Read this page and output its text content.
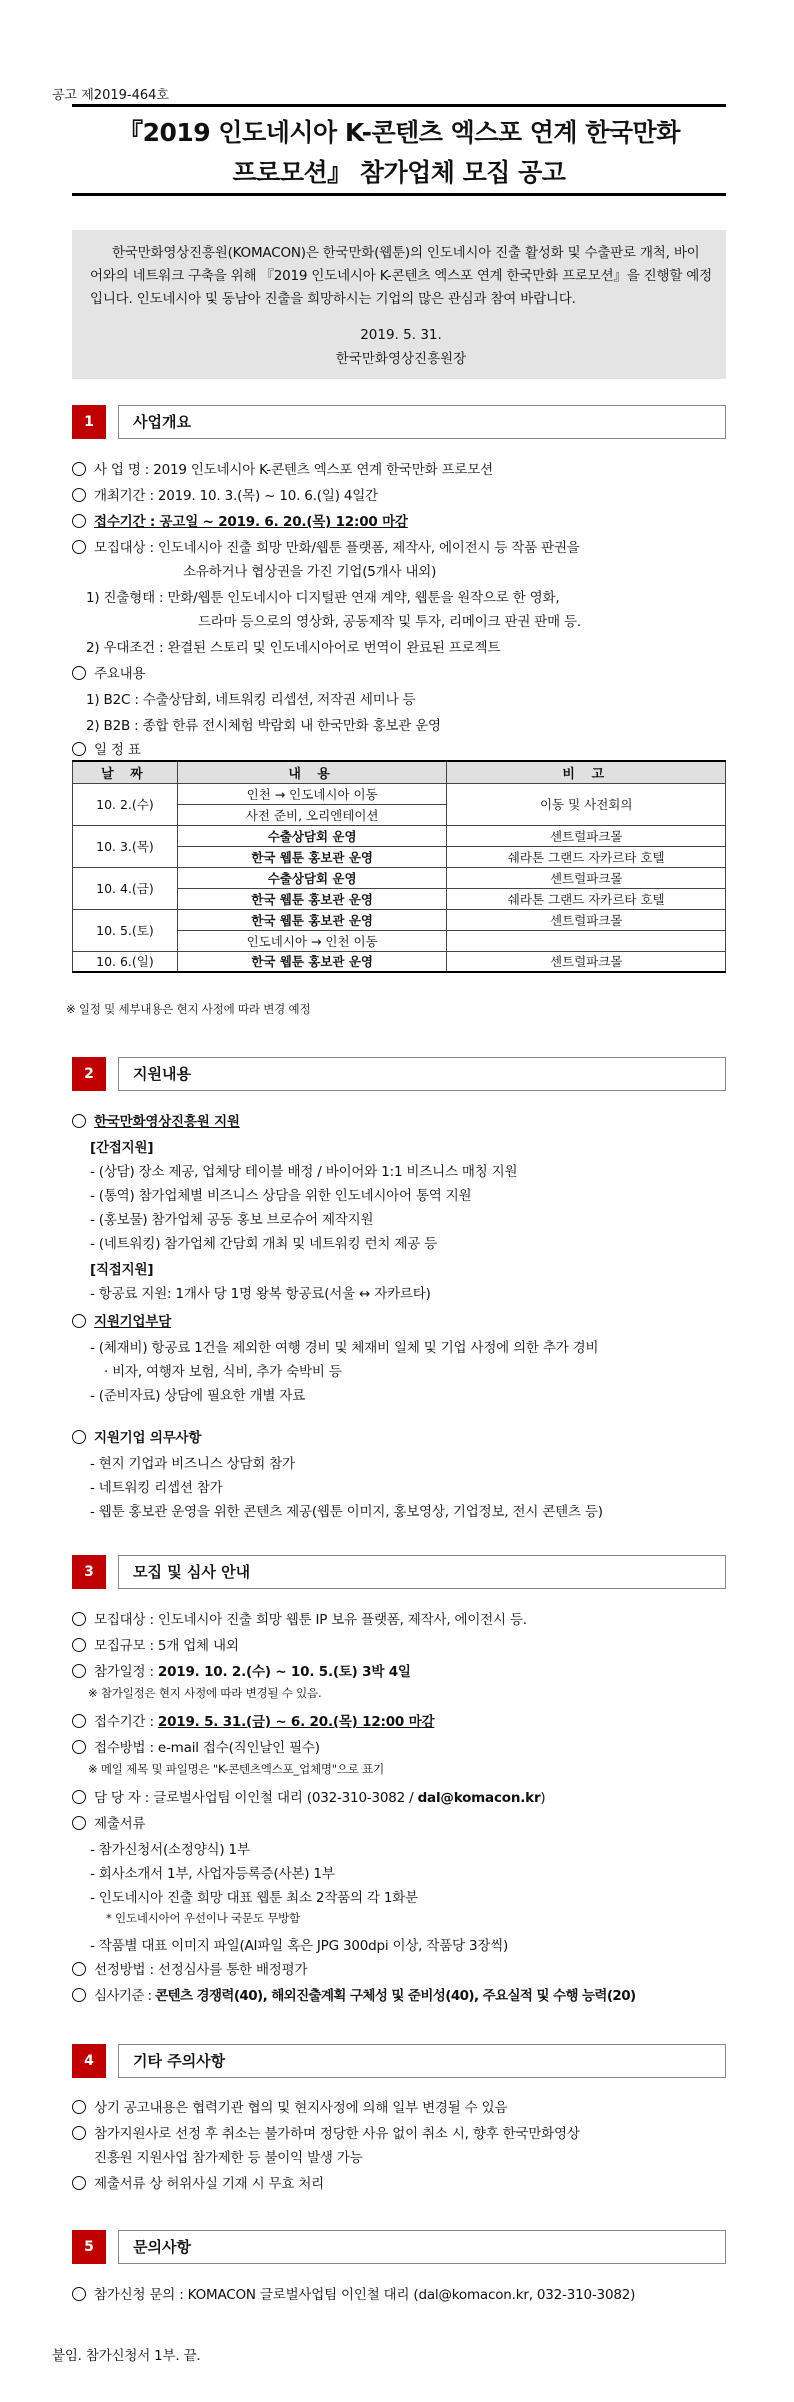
공고 제2019-464호
『2019 인도네시아 K-콘텐츠 엑스포 연계 한국만화
프로모션』 참가업체 모집 공고
한국만화영상진흥원(KOMACON)은 한국만화(웹툰)의 인도네시아 진출 활성화 및 수출판로 개척, 바이어와의 네트워크 구축을 위해 『2019 인도네시아 K-콘텐츠 엑스포 연계 한국만화 프로모션』을 진행할 예정입니다. 인도네시아 및 동남아 진출을 희망하시는 기업의 많은 관심과 참여 바랍니다.
2019. 5. 31.
한국만화영상진흥원장
1	사업개요
사 업 명 : 2019 인도네시아 K-콘텐츠 엑스포 연계 한국만화 프로모션
개최기간 : 2019. 10. 3.(목) ~ 10. 6.(일) 4일간
접수기간 : 공고일 ~ 2019. 6. 20.(목) 12:00 마감
모집대상 : 인도네시아 진출 희망 만화/웹툰 플랫폼, 제작사, 에이전시 등 작품 판권을
소유하거나 협상권을 가진 기업(5개사 내외)
1) 진출형태 : 만화/웹툰 인도네시아 디지털판 연재 계약, 웹툰을 원작으로 한 영화,
드라마 등으로의 영상화, 공동제작 및 투자, 리메이크 판권 판매 등.
2) 우대조건 : 완결된 스토리 및 인도네시아어로 번역이 완료된 프로젝트
주요내용
1) B2C : 수출상담회, 네트워킹 리셉션, 저작권 세미나 등
2) B2B : 종합 한류 전시체험 박람회 내 한국만화 홍보관 운영
일 정 표
날 짜	내 용	비 고
10. 2.(수)	인천 → 인도네시아 이동	이동 및 사전회의
	사전 준비, 오리엔테이션	
10. 3.(목)	수출상담회 운영	센트럴파크몰
	한국 웹툰 홍보관 운영	쉐라톤 그랜드 자카르타 호텔
10. 4.(금)	수출상담회 운영	센트럴파크몰
	한국 웹툰 홍보관 운영	쉐라톤 그랜드 자카르타 호텔
10. 5.(토)	한국 웹툰 홍보관 운영	센트럴파크몰
	인도네시아 → 인천 이동	
10. 6.(일)	한국 웹툰 홍보관 운영	센트럴파크몰
※ 일정 및 세부내용은 현지 사정에 따라 변경 예정
2	지원내용
한국만화영상진흥원 지원
[간접지원]
- (상담) 장소 제공, 업체당 테이블 배정 / 바이어와 1:1 비즈니스 매칭 지원
- (통역) 참가업체별 비즈니스 상담을 위한 인도네시아어 통역 지원
- (홍보물) 참가업체 공동 홍보 브로슈어 제작지원
- (네트워킹) 참가업체 간담회 개최 및 네트워킹 런치 제공 등
[직접지원]
- 항공료 지원: 1개사 당 1명 왕복 항공료(서울 ↔ 자카르타)
지원기업부담
- (체재비) 항공료 1건을 제외한 여행 경비 및 체재비 일체 및 기업 사정에 의한 추가 경비
· 비자, 여행자 보험, 식비, 추가 숙박비 등
- (준비자료) 상담에 필요한 개별 자료
지원기업 의무사항
- 현지 기업과 비즈니스 상담회 참가
- 네트워킹 리셉션 참가
- 웹툰 홍보관 운영을 위한 콘텐츠 제공(웹툰 이미지, 홍보영상, 기업정보, 전시 콘텐츠 등)
3	모집 및 심사 안내
모집대상 : 인도네시아 진출 희망 웹툰 IP 보유 플랫폼, 제작사, 에이전시 등.
모집규모 : 5개 업체 내외
참가일정 : 2019. 10. 2.(수) ~ 10. 5.(토) 3박 4일
※ 참가일정은 현지 사정에 따라 변경될 수 있음.
접수기간 : 2019. 5. 31.(금) ~ 6. 20.(목) 12:00 마감
접수방법 : e-mail 접수(직인날인 필수)
※ 메일 제목 및 파일명은 "K-콘텐츠엑스포_업체명"으로 표기
담 당 자 : 글로벌사업팀 이인철 대리 (032-310-3082 / dal@komacon.kr)
제출서류
- 참가신청서(소정양식) 1부
- 회사소개서 1부, 사업자등록증(사본) 1부
- 인도네시아 진출 희망 대표 웹툰 최소 2작품의 각 1화분
* 인도네시아어 우선이나 국문도 무방함
- 작품별 대표 이미지 파일(AI파일 혹은 JPG 300dpi 이상, 작품당 3장씩)
선정방법 : 선정심사를 통한 배정평가
심사기준 : 콘텐츠 경쟁력(40), 해외진출계획 구체성 및 준비성(40), 주요실적 및 수행 능력(20)
4	기타 주의사항
상기 공고내용은 협력기관 협의 및 현지사정에 의해 일부 변경될 수 있음
참가지원사로 선정 후 취소는 불가하며 정당한 사유 없이 취소 시, 향후 한국만화영상
진흥원 지원사업 참가제한 등 불이익 발생 가능
제출서류 상 허위사실 기재 시 무효 처리
5	문의사항
참가신청 문의 : KOMACON 글로벌사업팀 이인철 대리 (dal@komacon.kr, 032-310-3082)
붙임. 참가신청서 1부. 끝.
